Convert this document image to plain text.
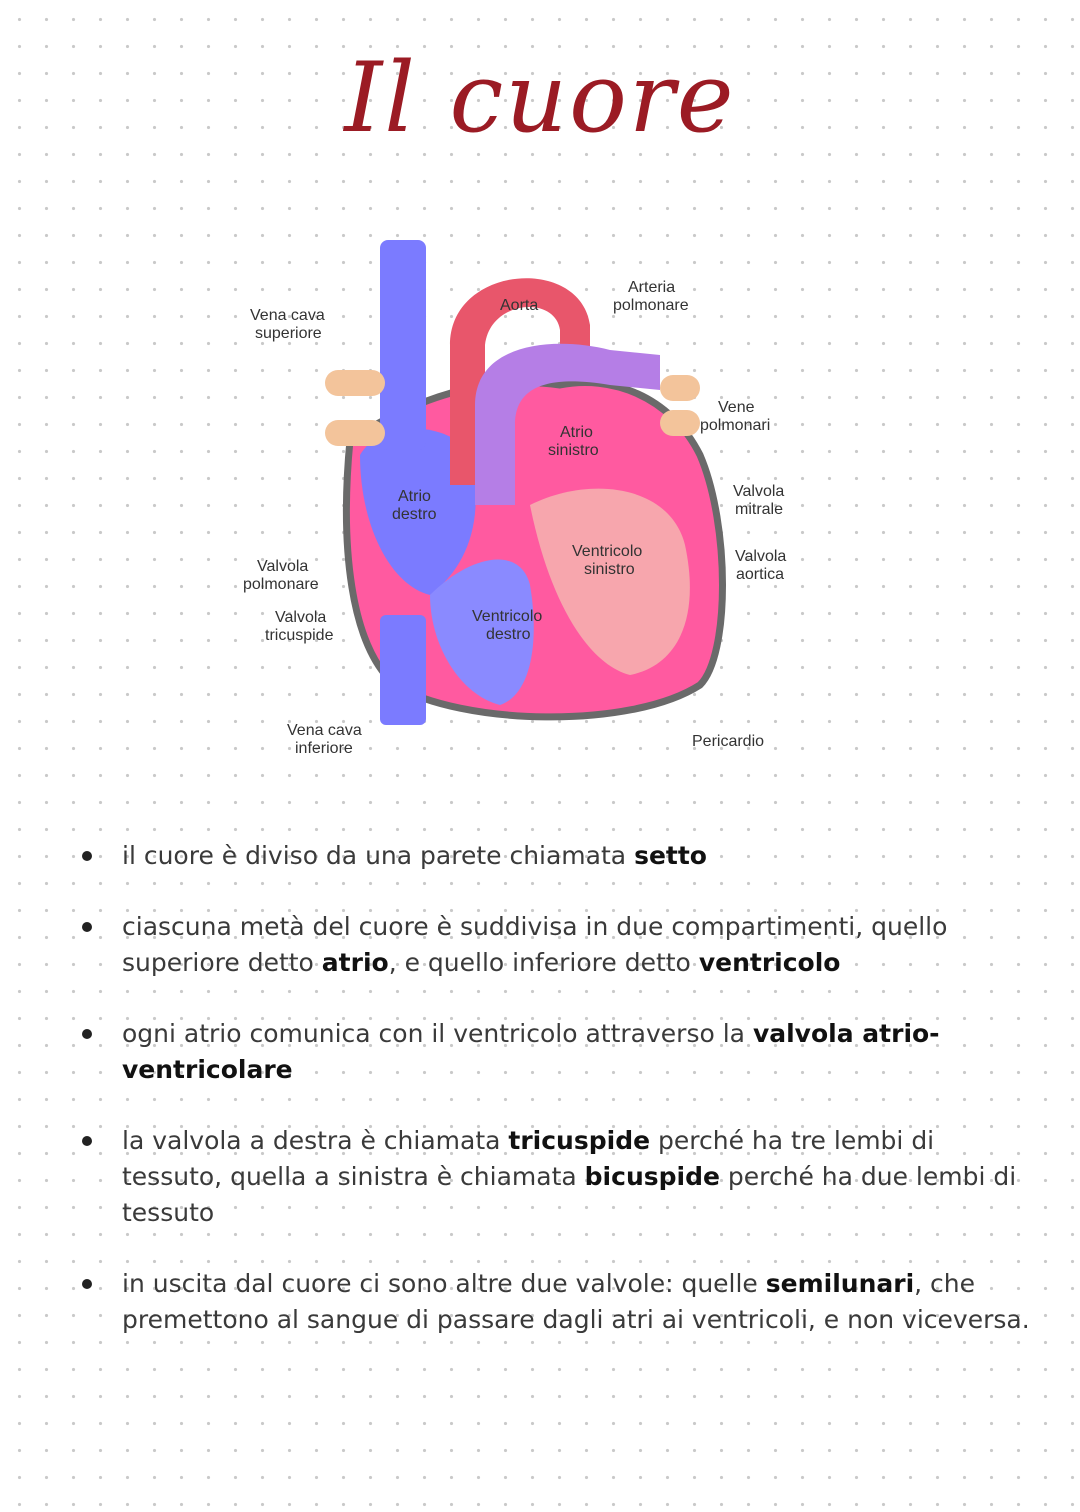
Il cuore
Vena cava
superiore
Aorta
Arteria
polmonare
Vene
polmonari
Atrio
sinistro
Atrio
destro
Valvola
mitrale
Ventricolo
sinistro
Valvola
aortica
Valvola
polmonare
Valvola
tricuspide
Ventricolo
destro
Vena cava
inferiore	Pericardio
il cuore è diviso da una parete chiamata setto
ciascuna metà del cuore è suddivisa in due compartimenti, quello superiore detto atrio, e quello inferiore detto ventricolo
ogni atrio comunica con il ventricolo attraverso la valvola atrio-ventricolare
la valvola a destra è chiamata tricuspide perché ha tre lembi di tessuto, quella a sinistra è chiamata bicuspide perché ha due lembi di tessuto
in uscita dal cuore ci sono altre due valvole: quelle semilunari, che premettono al sangue di passare dagli atri ai ventricoli, e non viceversa.
